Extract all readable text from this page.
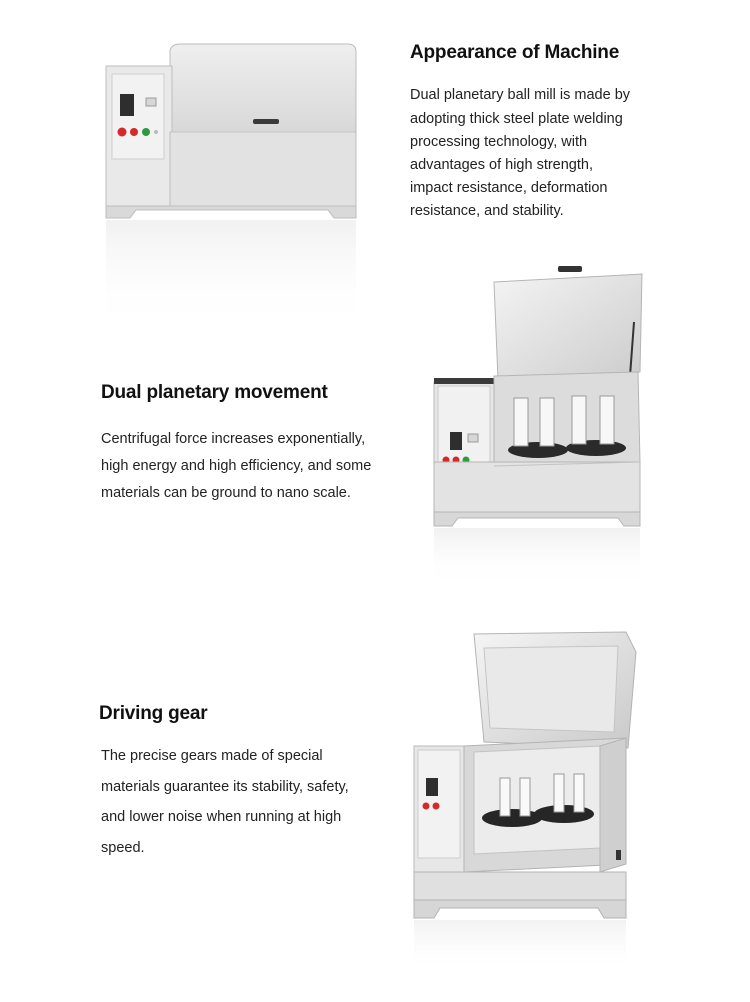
Appearance of Machine

Dual planetary ball mill is made by

adopting thick steel plate welding

processing technology, with

advantages of high strength,

impact resistance, deformation

resistance, and stability.

Dual planetary movement

Centrifugal force increases exponentially,

high energy and high efficiency, and some

materials can be ground to nano scale.

Driving gear

The precise gears made of special

materials guarantee its stability, safety,

and lower noise when running at high

speed.
